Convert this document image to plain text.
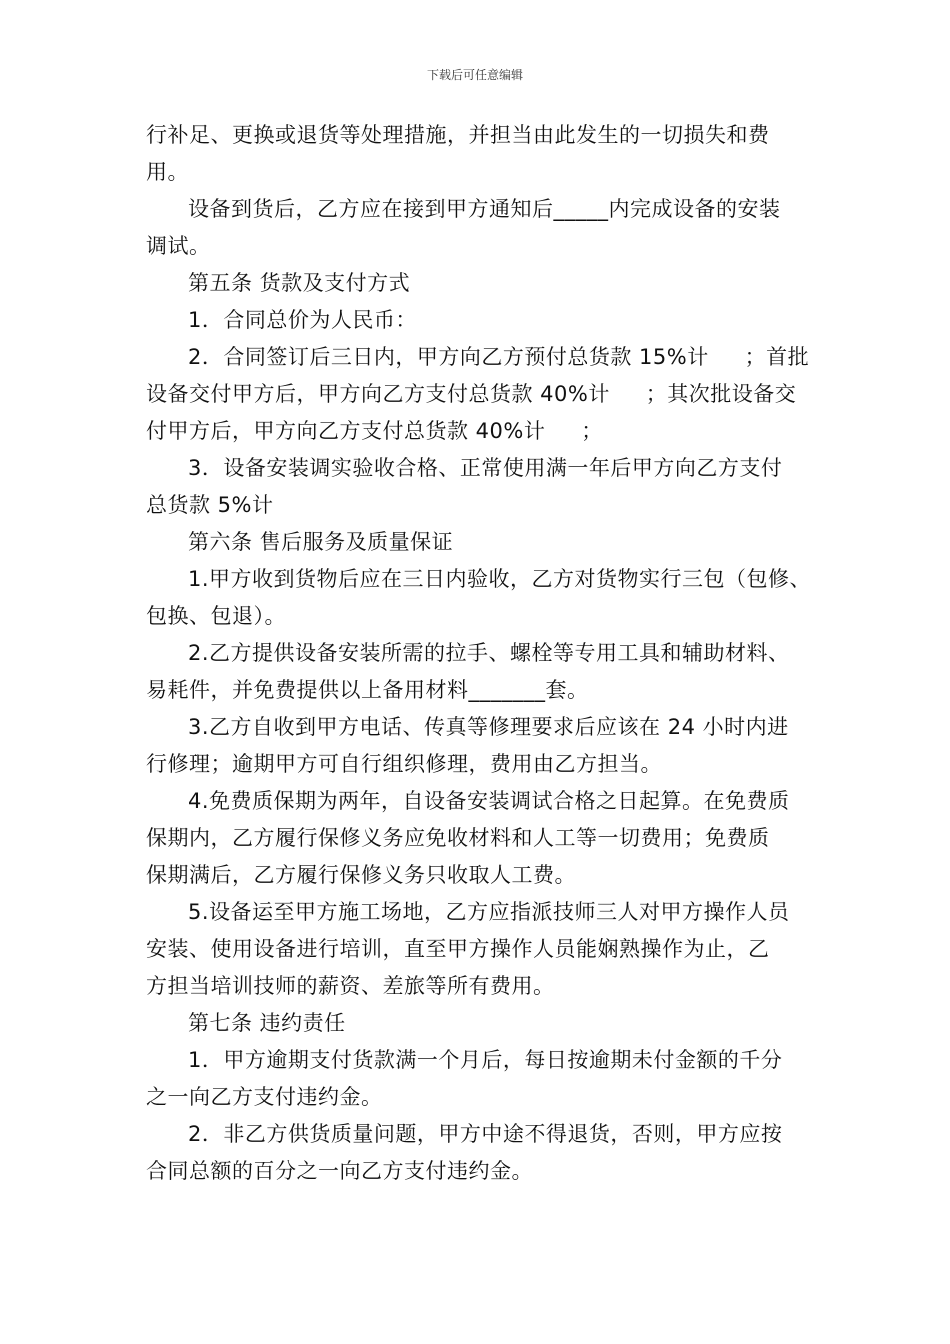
下载后可任意编辑
行补足、更换或退货等处理措施，并担当由此发生的一切损失和费
用。
设备到货后，乙方应在接到甲方通知后_____内完成设备的安装
调试。
第五条 货款及支付方式
1．合同总价为人民币：
2．合同签订后三日内，甲方向乙方预付总货款 15%计     ；首批
设备交付甲方后，甲方向乙方支付总货款 40%计     ；其次批设备交
付甲方后，甲方向乙方支付总货款 40%计     ；
3．设备安装调实验收合格、正常使用满一年后甲方向乙方支付
总货款 5%计
第六条 售后服务及质量保证
1.甲方收到货物后应在三日内验收，乙方对货物实行三包（包修、
包换、包退）。
2.乙方提供设备安装所需的拉手、螺栓等专用工具和辅助材料、
易耗件，并免费提供以上备用材料_______套。
3.乙方自收到甲方电话、传真等修理要求后应该在 24 小时内进
行修理；逾期甲方可自行组织修理，费用由乙方担当。
4.免费质保期为两年，自设备安装调试合格之日起算。在免费质
保期内，乙方履行保修义务应免收材料和人工等一切费用；免费质
保期满后，乙方履行保修义务只收取人工费。
5.设备运至甲方施工场地，乙方应指派技师三人对甲方操作人员
安装、使用设备进行培训，直至甲方操作人员能娴熟操作为止，乙
方担当培训技师的薪资、差旅等所有费用。
第七条 违约责任
1．甲方逾期支付货款满一个月后，每日按逾期未付金额的千分
之一向乙方支付违约金。
2．非乙方供货质量问题，甲方中途不得退货，否则，甲方应按
合同总额的百分之一向乙方支付违约金。
